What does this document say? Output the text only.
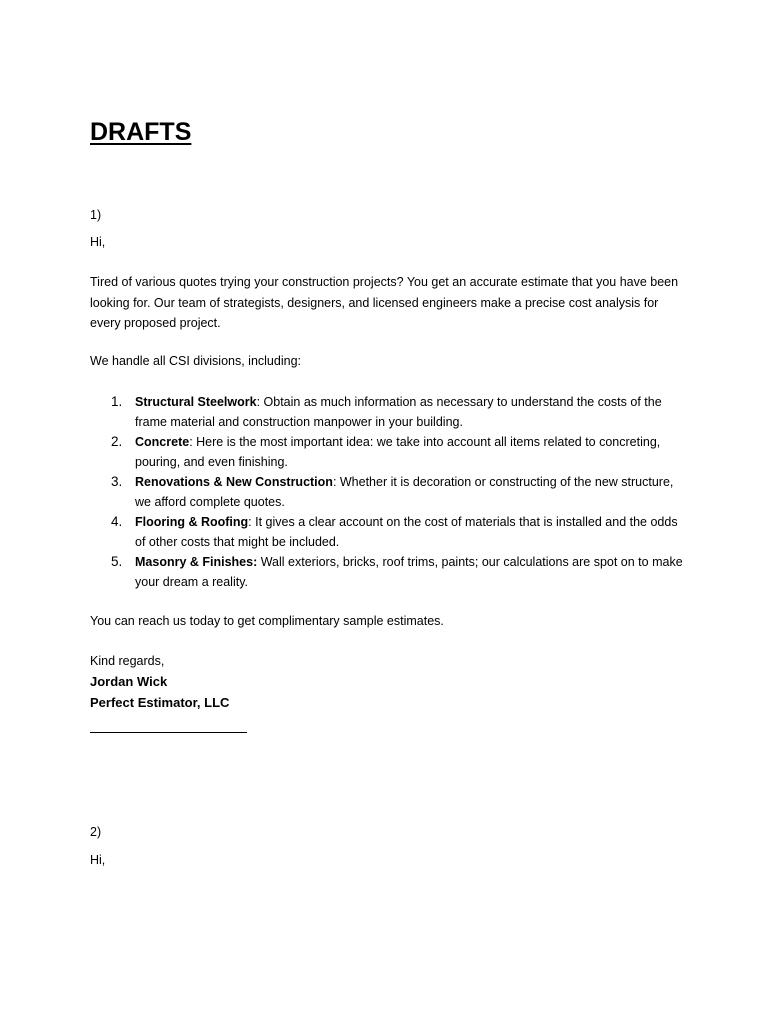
DRAFTS
1)
Hi,
Tired of various quotes trying your construction projects? You get an accurate estimate that you have been looking for. Our team of strategists, designers, and licensed engineers make a precise cost analysis for every proposed project.
We handle all CSI divisions, including:
1. Structural Steelwork: Obtain as much information as necessary to understand the costs of the frame material and construction manpower in your building.
2. Concrete: Here is the most important idea: we take into account all items related to concreting, pouring, and even finishing.
3. Renovations & New Construction: Whether it is decoration or constructing of the new structure, we afford complete quotes.
4. Flooring & Roofing: It gives a clear account on the cost of materials that is installed and the odds of other costs that might be included.
5. Masonry & Finishes: Wall exteriors, bricks, roof trims, paints; our calculations are spot on to make your dream a reality.
You can reach us today to get complimentary sample estimates.
Kind regards,
Jordan Wick
Perfect Estimator, LLC
2)
Hi,
